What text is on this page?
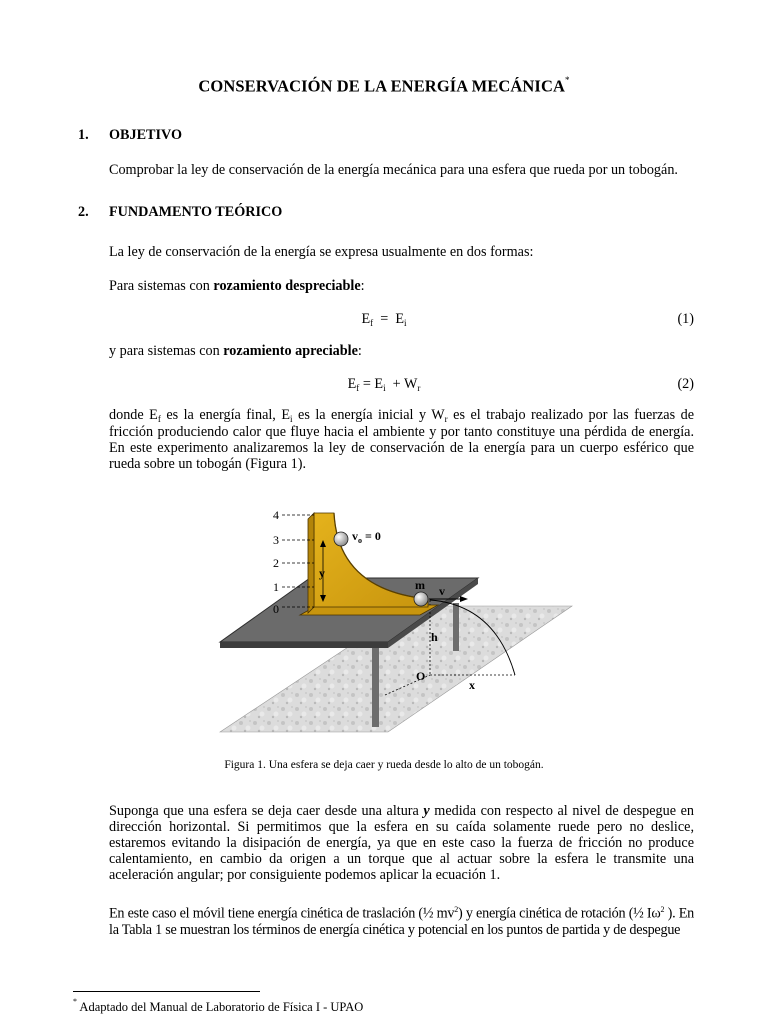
CONSERVACIÓN DE LA ENERGÍA MECÁNICA*
1. OBJETIVO
Comprobar la ley de conservación de la energía mecánica para una esfera que rueda por un tobogán.
2. FUNDAMENTO TEÓRICO
La ley de conservación de la energía se expresa usualmente en dos formas:
Para sistemas con rozamiento despreciable:
$E_f = E_i$	(1)
y para sistemas con rozamiento apreciable:
$E_f = E_i + W_r$	(2)
donde $E_f$ es la energía final, $E_i$ es la energía inicial y $W_r$ es el trabajo realizado por las fuerzas de fricción produciendo calor que fluye hacia el ambiente y por tanto constituye una pérdida de energía. En este experimento analizaremos la ley de conservación de la energía para un cuerpo esférico que rueda sobre un tobogán (Figura 1).
4
3
2
1
0
$v_o = 0$
y
m v
h
O
x
Figura 1. Una esfera se deja caer y rueda desde lo alto de un tobogán.
Suponga que una esfera se deja caer desde una altura y medida con respecto al nivel de despegue en dirección horizontal. Si permitimos que la esfera en su caída solamente ruede pero no deslice, estaremos evitando la disipación de energía, ya que en este caso la fuerza de fricción no produce calentamiento, en cambio da origen a un torque que al actuar sobre la esfera le transmite una aceleración angular; por consiguiente podemos aplicar la ecuación 1.
En este caso el móvil tiene energía cinética de traslación (½ $mv^2$) y energía cinética de rotación (½ $I\omega^2$ ). En la Tabla 1 se muestran los términos de energía cinética y potencial en los puntos de partida y de despegue
* Adaptado del Manual de Laboratorio de Física I - UPAO
